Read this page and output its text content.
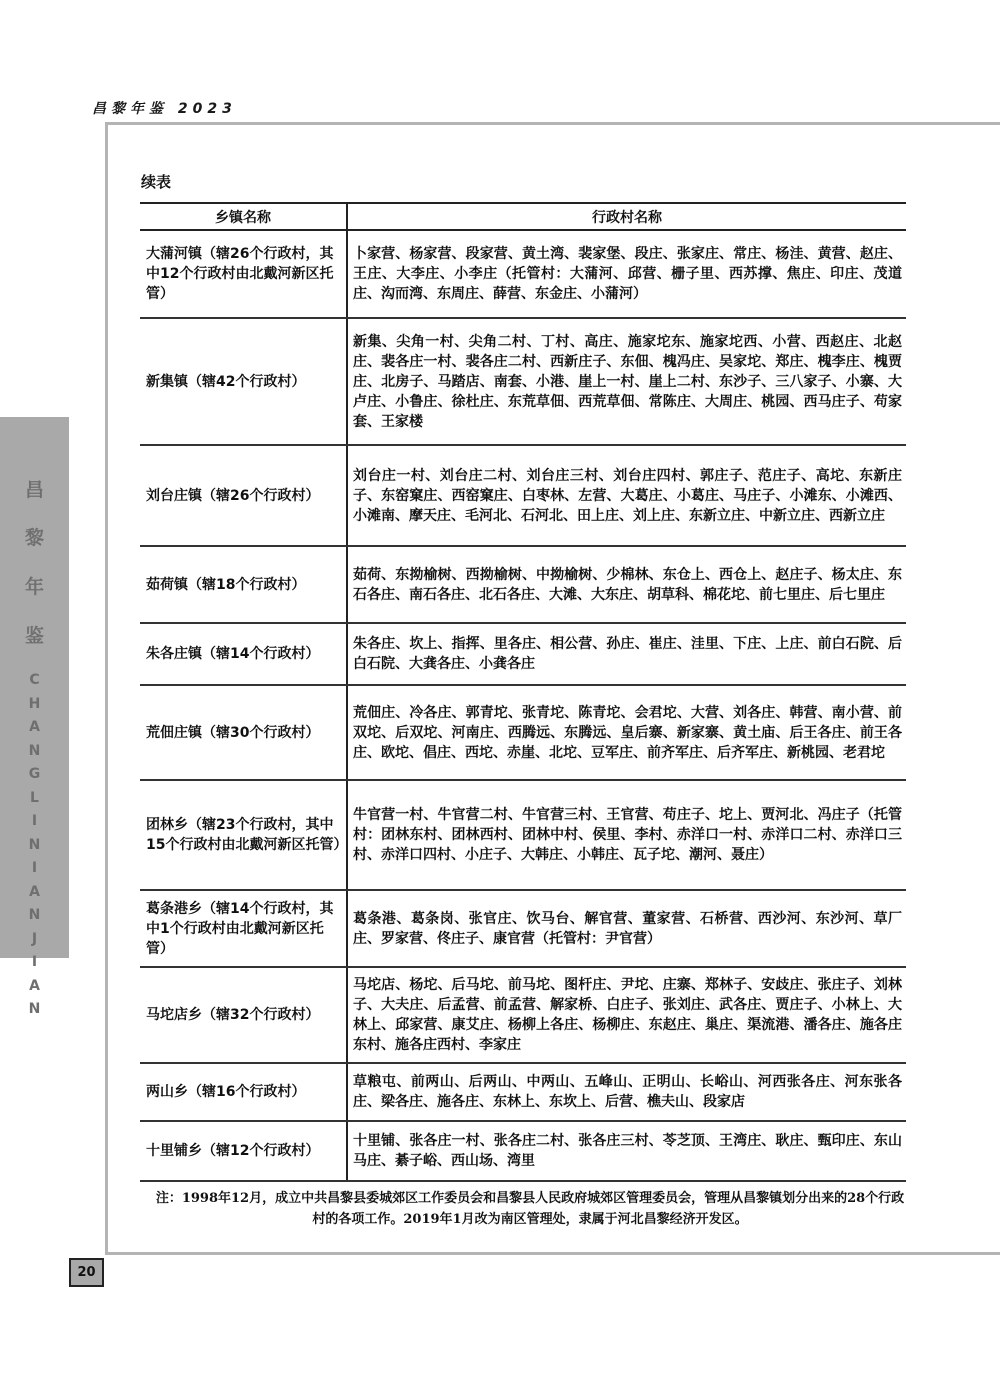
昌黎年鉴 2023
昌
黎
年
鉴
C
H
A
N
G
L
I
N
I
A
N
J
I
A
N
续表
乡镇名称	行政村名称
大蒲河镇（辖26个行政村，其中12个行政村由北戴河新区托管）	卜家营、杨家营、段家营、黄土湾、裴家堡、段庄、张家庄、常庄、杨洼、黄营、赵庄、王庄、大李庄、小李庄（托管村：大蒲河、邱营、栅子里、西苏撑、焦庄、印庄、茂道庄、沟而湾、东周庄、薛营、东金庄、小蒲河）
新集镇（辖42个行政村）	新集、尖角一村、尖角二村、丁村、高庄、施家坨东、施家坨西、小营、西赵庄、北赵庄、裴各庄一村、裴各庄二村、西新庄子、东佃、槐冯庄、吴家坨、郑庄、槐李庄、槐贾庄、北房子、马踏店、南套、小港、崖上一村、崖上二村、东沙子、三八家子、小寨、大卢庄、小鲁庄、徐杜庄、东荒草佃、西荒草佃、常陈庄、大周庄、桃园、西马庄子、苟家套、王家楼
刘台庄镇（辖26个行政村）	刘台庄一村、刘台庄二村、刘台庄三村、刘台庄四村、郭庄子、范庄子、高坨、东新庄子、东窑窠庄、西窑窠庄、白枣林、左营、大葛庄、小葛庄、马庄子、小滩东、小滩西、小滩南、摩天庄、毛河北、石河北、田上庄、刘上庄、东新立庄、中新立庄、西新立庄
茹荷镇（辖18个行政村）	茹荷、东拗榆树、西拗榆树、中拗榆树、少棉林、东仓上、西仓上、赵庄子、杨太庄、东石各庄、南石各庄、北石各庄、大滩、大东庄、胡草科、棉花坨、前七里庄、后七里庄
朱各庄镇（辖14个行政村）	朱各庄、坎上、指挥、里各庄、相公营、孙庄、崔庄、洼里、下庄、上庄、前白石院、后白石院、大龚各庄、小龚各庄
荒佃庄镇（辖30个行政村）	荒佃庄、冷各庄、郭青坨、张青坨、陈青坨、会君坨、大营、刘各庄、韩营、南小营、前双坨、后双坨、河南庄、西腾远、东腾远、皇后寨、新家寨、黄土庙、后王各庄、前王各庄、欧坨、倡庄、西坨、赤崖、北坨、豆军庄、前齐军庄、后齐军庄、新桃园、老君坨
团林乡（辖23个行政村，其中15个行政村由北戴河新区托管）	牛官营一村、牛官营二村、牛官营三村、王官营、苟庄子、坨上、贾河北、冯庄子（托管村：团林东村、团林西村、团林中村、侯里、李村、赤洋口一村、赤洋口二村、赤洋口三村、赤洋口四村、小庄子、大韩庄、小韩庄、瓦子坨、潮河、聂庄）
葛条港乡（辖14个行政村，其中1个行政村由北戴河新区托管）	葛条港、葛条岗、张官庄、饮马台、解官营、董家营、石桥营、西沙河、东沙河、草厂庄、罗家营、佟庄子、康官营（托管村：尹官营）
马坨店乡（辖32个行政村）	马坨店、杨坨、后马坨、前马坨、图杆庄、尹坨、庄寨、郑林子、安歧庄、张庄子、刘林子、大夫庄、后孟营、前孟营、解家桥、白庄子、张刘庄、武各庄、贾庄子、小林上、大林上、邱家营、康艾庄、杨柳上各庄、杨柳庄、东赵庄、巢庄、渠流港、潘各庄、施各庄东村、施各庄西村、李家庄
两山乡（辖16个行政村）	草粮屯、前两山、后两山、中两山、五峰山、正明山、长峪山、河西张各庄、河东张各庄、梁各庄、施各庄、东林上、东坎上、后营、樵夫山、段家店
十里铺乡（辖12个行政村）	十里铺、张各庄一村、张各庄二村、张各庄三村、苓芝顶、王湾庄、耿庄、甄印庄、东山马庄、綦子峪、西山场、湾里
注：1998年12月，成立中共昌黎县委城郊区工作委员会和昌黎县人民政府城郊区管理委员会，管理从昌黎镇划分出来的28个行政村的各项工作。2019年1月改为南区管理处，隶属于河北昌黎经济开发区。
20
